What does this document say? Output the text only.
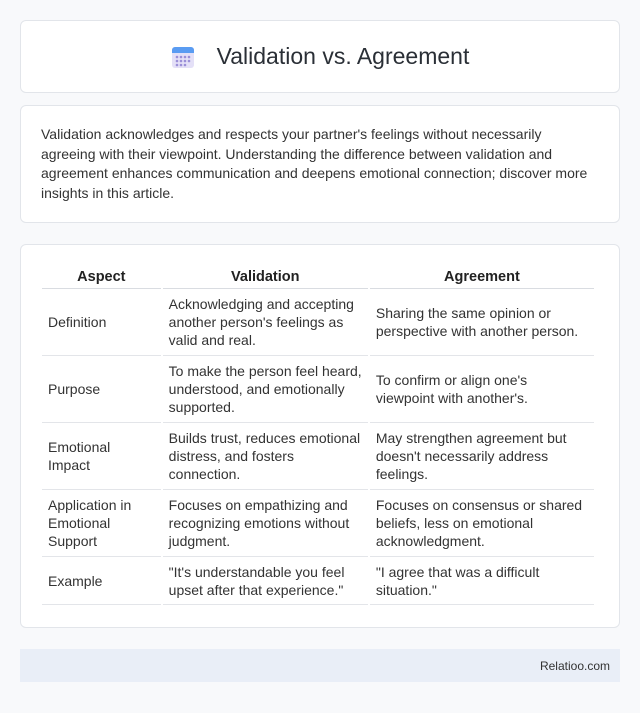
Validation vs. Agreement

Validation acknowledges and respects your partner's feelings without necessarily agreeing with their viewpoint. Understanding the difference between validation and agreement enhances communication and deepens emotional connection; discover more insights in this article.

Aspect	Validation	Agreement
Definition	Acknowledging and accepting another person's feelings as valid and real.	Sharing the same opinion or perspective with another person.
Purpose	To make the person feel heard, understood, and emotionally supported.	To confirm or align one's viewpoint with another's.
Emotional Impact	Builds trust, reduces emotional distress, and fosters connection.	May strengthen agreement but doesn't necessarily address feelings.
Application in Emotional Support	Focuses on empathizing and recognizing emotions without judgment.	Focuses on consensus or shared beliefs, less on emotional acknowledgment.
Example	"It's understandable you feel upset after that experience."	"I agree that was a difficult situation."
Relatioo.com
